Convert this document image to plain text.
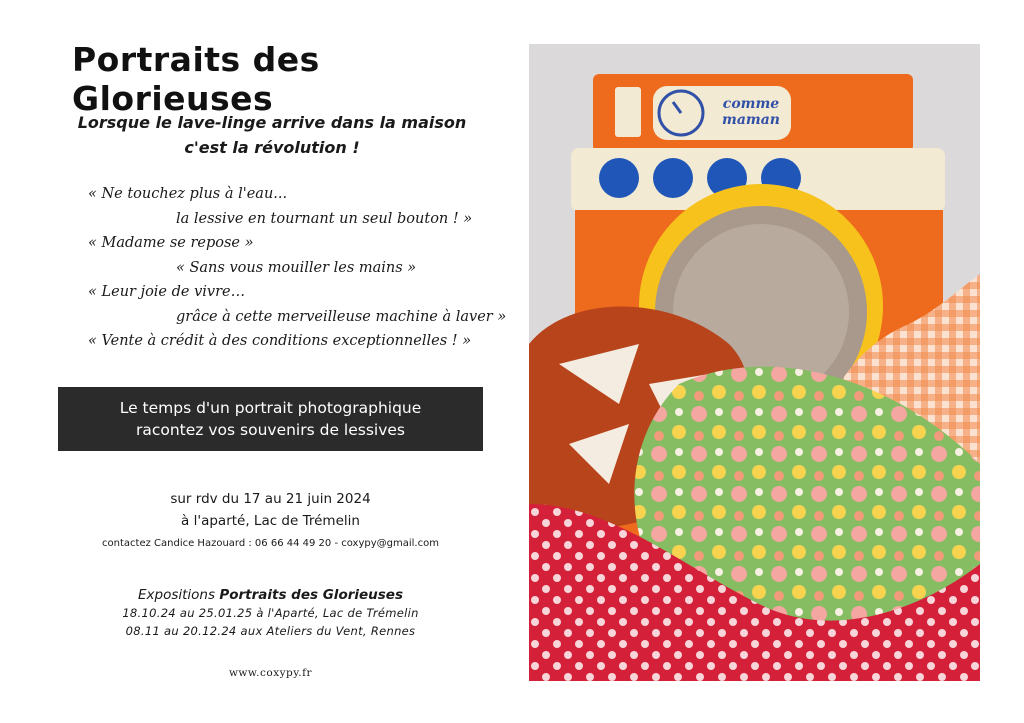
Portraits des Glorieuses
Lorsque le lave-linge arrive dans la maison
c'est la révolution !
« Ne touchez plus à l'eau...
la lessive en tournant un seul bouton ! »
« Madame se repose »
« Sans vous mouiller les mains »
« Leur joie de vivre…
grâce à cette merveilleuse machine à laver »
« Vente à crédit à des conditions exceptionnelles ! »
Le temps d'un portrait photographique
racontez vos souvenirs de lessives
sur rdv du 17 au 21 juin 2024
à l'aparté, Lac de Trémelin
contactez Candice Hazouard : 06 66 44 49 20 - coxypy@gmail.com
Expositions Portraits des Glorieuses
18.10.24 au 25.01.25 à l'Aparté, Lac de Trémelin
08.11 au 20.12.24 aux Ateliers du Vent, Rennes
www.coxypy.fr
comme
maman
